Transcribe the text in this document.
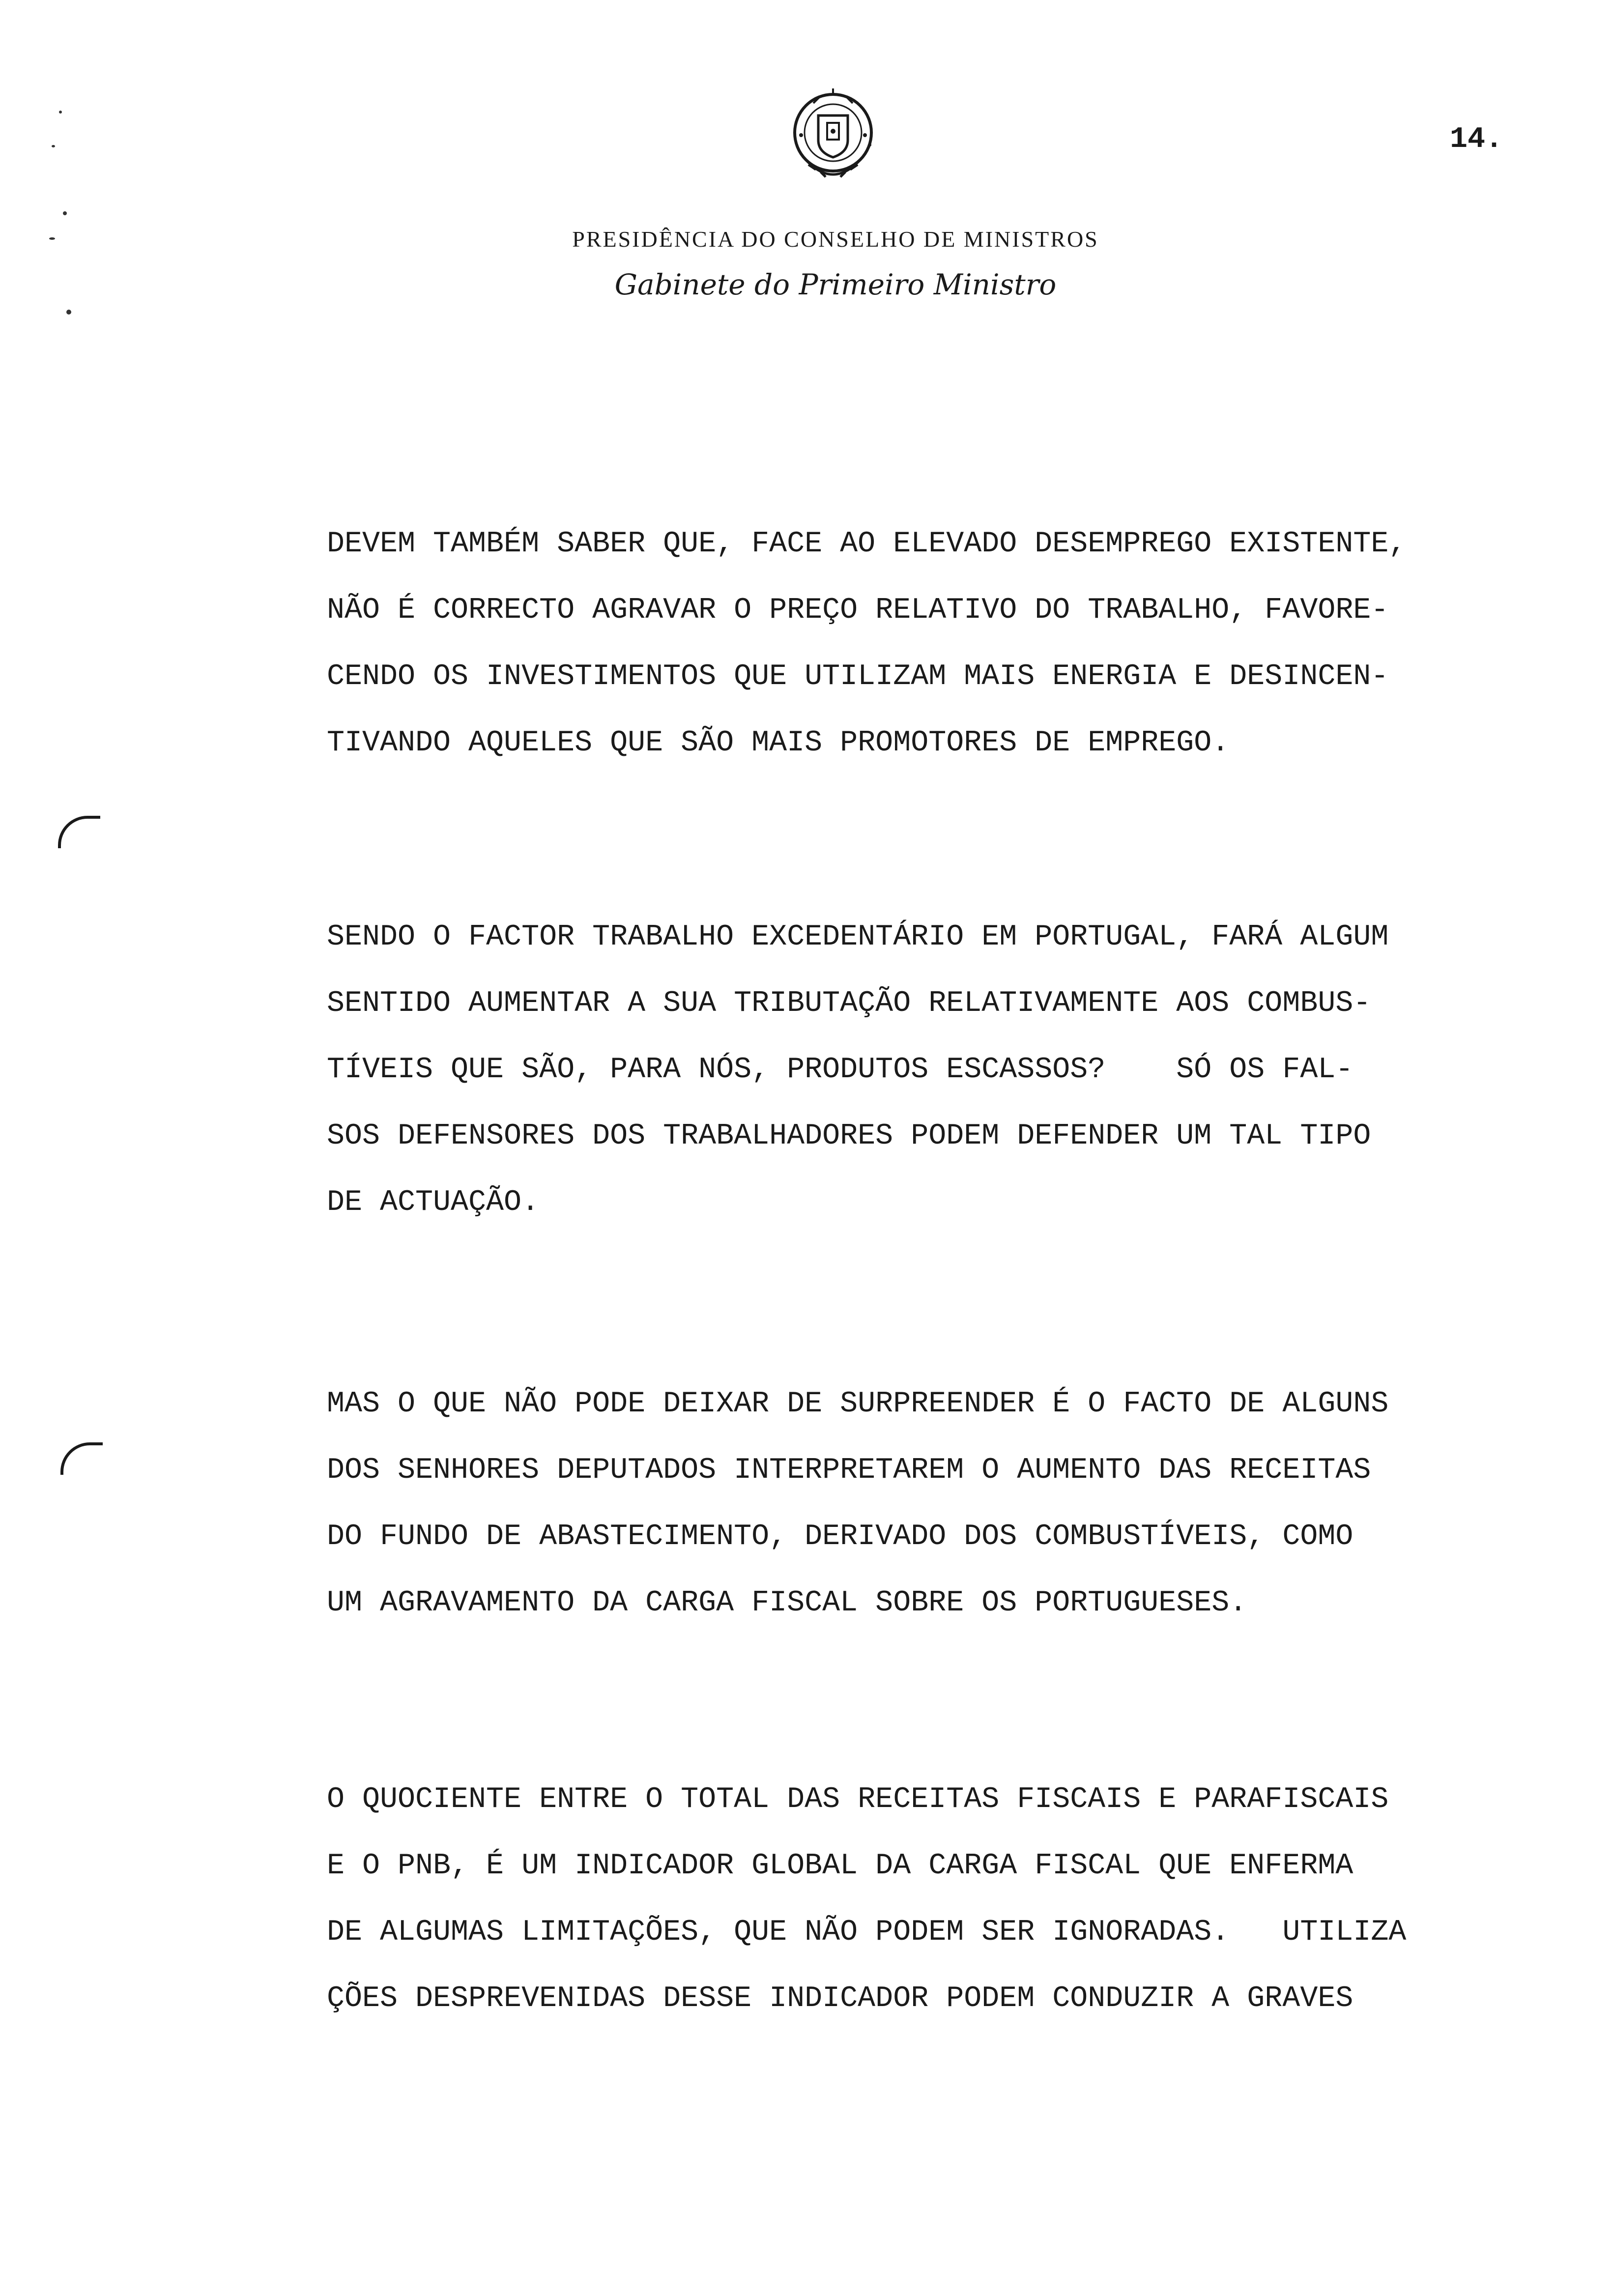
14.
PRESIDÊNCIA DO CONSELHO DE MINISTROS
Gabinete do Primeiro Ministro
DEVEM TAMBÉM SABER QUE, FACE AO ELEVADO DESEMPREGO EXISTENTE,
NÃO É CORRECTO AGRAVAR O PREÇO RELATIVO DO TRABALHO, FAVORE-
CENDO OS INVESTIMENTOS QUE UTILIZAM MAIS ENERGIA E DESINCEN-
TIVANDO AQUELES QUE SÃO MAIS PROMOTORES DE EMPREGO.
SENDO O FACTOR TRABALHO EXCEDENTÁRIO EM PORTUGAL, FARÁ ALGUM
SENTIDO AUMENTAR A SUA TRIBUTAÇÃO RELATIVAMENTE AOS COMBUS-
TÍVEIS QUE SÃO, PARA NÓS, PRODUTOS ESCASSOS?    SÓ OS FAL-
SOS DEFENSORES DOS TRABALHADORES PODEM DEFENDER UM TAL TIPO
DE ACTUAÇÃO.
MAS O QUE NÃO PODE DEIXAR DE SURPREENDER É O FACTO DE ALGUNS
DOS SENHORES DEPUTADOS INTERPRETAREM O AUMENTO DAS RECEITAS
DO FUNDO DE ABASTECIMENTO, DERIVADO DOS COMBUSTÍVEIS, COMO
UM AGRAVAMENTO DA CARGA FISCAL SOBRE OS PORTUGUESES.
O QUOCIENTE ENTRE O TOTAL DAS RECEITAS FISCAIS E PARAFISCAIS
E O PNB, É UM INDICADOR GLOBAL DA CARGA FISCAL QUE ENFERMA
DE ALGUMAS LIMITAÇÕES, QUE NÃO PODEM SER IGNORADAS.   UTILIZA
ÇÕES DESPREVENIDAS DESSE INDICADOR PODEM CONDUZIR A GRAVES
